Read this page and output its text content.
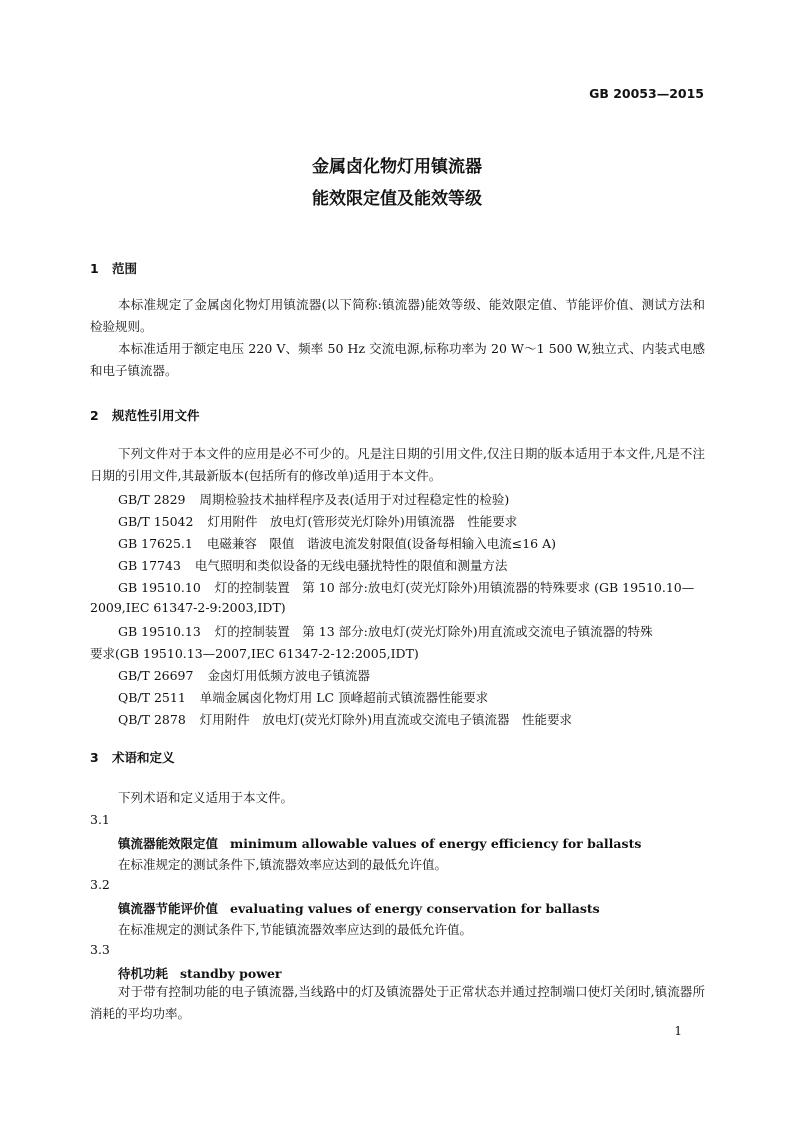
GB 20053—2015
金属卤化物灯用镇流器
能效限定值及能效等级
1 范围
本标准规定了金属卤化物灯用镇流器(以下简称:镇流器)能效等级、能效限定值、节能评价值、测试方法和检验规则。
本标准适用于额定电压 220 V、频率 50 Hz 交流电源,标称功率为 20 W～1 500 W,独立式、内装式电感和电子镇流器。
2 规范性引用文件
下列文件对于本文件的应用是必不可少的。凡是注日期的引用文件,仅注日期的版本适用于本文件,凡是不注日期的引用文件,其最新版本(包括所有的修改单)适用于本文件。
GB/T 2829 周期检验技术抽样程序及表(适用于对过程稳定性的检验)
GB/T 15042 灯用附件　放电灯(管形荧光灯除外)用镇流器　性能要求
GB 17625.1 电磁兼容　限值　谐波电流发射限值(设备每相输入电流≤16 A)
GB 17743 电气照明和类似设备的无线电骚扰特性的限值和测量方法
GB 19510.10 灯的控制装置　第 10 部分:放电灯(荧光灯除外)用镇流器的特殊要求 (GB 19510.10—
2009,IEC 61347-2-9:2003,IDT)
GB 19510.13 灯的控制装置　第 13 部分:放电灯(荧光灯除外)用直流或交流电子镇流器的特殊
要求(GB 19510.13—2007,IEC 61347-2-12:2005,IDT)
GB/T 26697 金卤灯用低频方波电子镇流器
QB/T 2511 单端金属卤化物灯用 LC 顶峰超前式镇流器性能要求
QB/T 2878 灯用附件　放电灯(荧光灯除外)用直流或交流电子镇流器　性能要求
3 术语和定义
下列术语和定义适用于本文件。
3.1
镇流器能效限定值 minimum allowable values of energy efficiency for ballasts
在标准规定的测试条件下,镇流器效率应达到的最低允许值。
3.2
镇流器节能评价值 evaluating values of energy conservation for ballasts
在标准规定的测试条件下,节能镇流器效率应达到的最低允许值。
3.3
待机功耗 standby power
对于带有控制功能的电子镇流器,当线路中的灯及镇流器处于正常状态并通过控制端口使灯关闭时,镇流器所消耗的平均功率。
1
